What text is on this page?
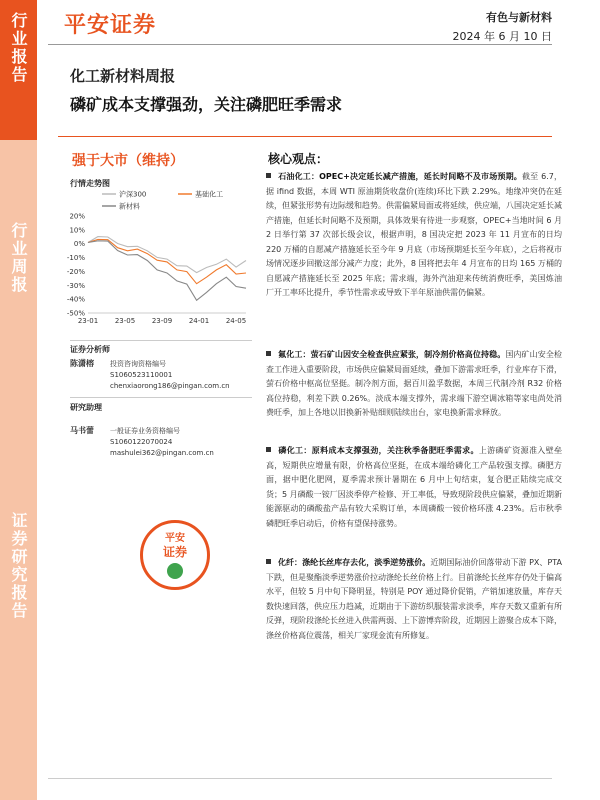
行业报告
行业周报
证券研究报告
平安证券	有色与新材料
2024 年 6 月 10 日
化工新材料周报
磷矿成本支撑强劲，关注磷肥旺季需求
强于大市（维持）
行情走势图
20%
10%
0%
-10%
-20%
-30%
-40%
-50%
23-01 23-05 23-09 24-01 24-05
沪深300	基础化工
新材料
证券分析师
陈潇榕 投资咨询资格编号
S1060523110001
chenxiaorong186@pingan.com.cn
研究助理
马书蕾 一般证券业务资格编号
S1060122070024
mashulei362@pingan.com.cn
平安
证券
核心观点：
石油化工：OPEC+决定延长减产措施，延长时间略不及市场预期。截至 6.7，据 ifind 数据，本周 WTI 原油期货收盘价(连续)环比下跌 2.29%。地缘冲突仍在延续，但紧张形势有边际缓和趋势。供需偏紧局面或将延续，供应端，八国决定延长减产措施，但延长时间略不及预期，具体效果有待进一步观察，OPEC+当地时间 6 月 2 日举行第 37 次部长级会议，根据声明，8 国决定把 2023 年 11 月宣布的日均 220 万桶的自愿减产措施延长至今年 9 月底（市场预期延长至今年底），之后将视市场情况逐步回撤这部分减产力度；此外，8 国将把去年 4 月宣布的日均 165 万桶的自愿减产措施延长至 2025 年底；需求端，海外汽油迎来传统消费旺季，美国炼油厂开工率环比提升，季节性需求或导致下半年原油供需仍偏紧。
氟化工：萤石矿山因安全检查供应紧张，制冷剂价格高位持稳。国内矿山安全检查工作进入重要阶段，市场供应偏紧局面延续，叠加下游需求旺季，行业库存下滑，萤石价格中枢高位坚挺。制冷剂方面，据百川盈孚数据，本周三代制冷剂 R32 价格高位持稳，利差下跌 0.26%。淡成本端支撑外，需求端下游空调冰箱等家电尚处消费旺季，加上各地以旧换新补贴细则陆续出台，家电换新需求释放。
磷化工：原料成本支撑强劲，关注秋季备肥旺季需求。上游磷矿资源准入壁垒高，短期供应增量有限，价格高位坚挺，在成本端给磷化工产品较强支撑。磷肥方面，据中肥化肥网，夏季需求预计暑期在 6 月中上旬结束，复合肥正陆续完成交货；5 月磷酸一铵厂因淡季停产检修、开工率低，导致现阶段供应偏紧，叠加近期新能源驱动的磷酸盐产品有较大采购订单，本周磷酸一铵价格环涨 4.23%。后市秋季磷肥旺季启动后，价格有望保持涨势。
化纤：涤纶长丝库存去化，淡季逆势涨价。近期国际油价回落带动下游 PX、PTA 下跌，但是聚酯淡季逆势涨价拉动涤纶长丝价格上行。目前涤纶长丝库存仍处于偏高水平，但较 5 月中旬下降明显，特别是 POY 通过降价促销，产销加速放量，库存天数快速回落，供应压力趋减，近期由于下游纺织服装需求淡季，库存天数又重新有所反弹，现阶段涤纶长丝进入供需两弱、上下游博弈阶段，近期因上游聚合成本下降，涤丝价格高位震荡，相关厂家现金流有所修复。
